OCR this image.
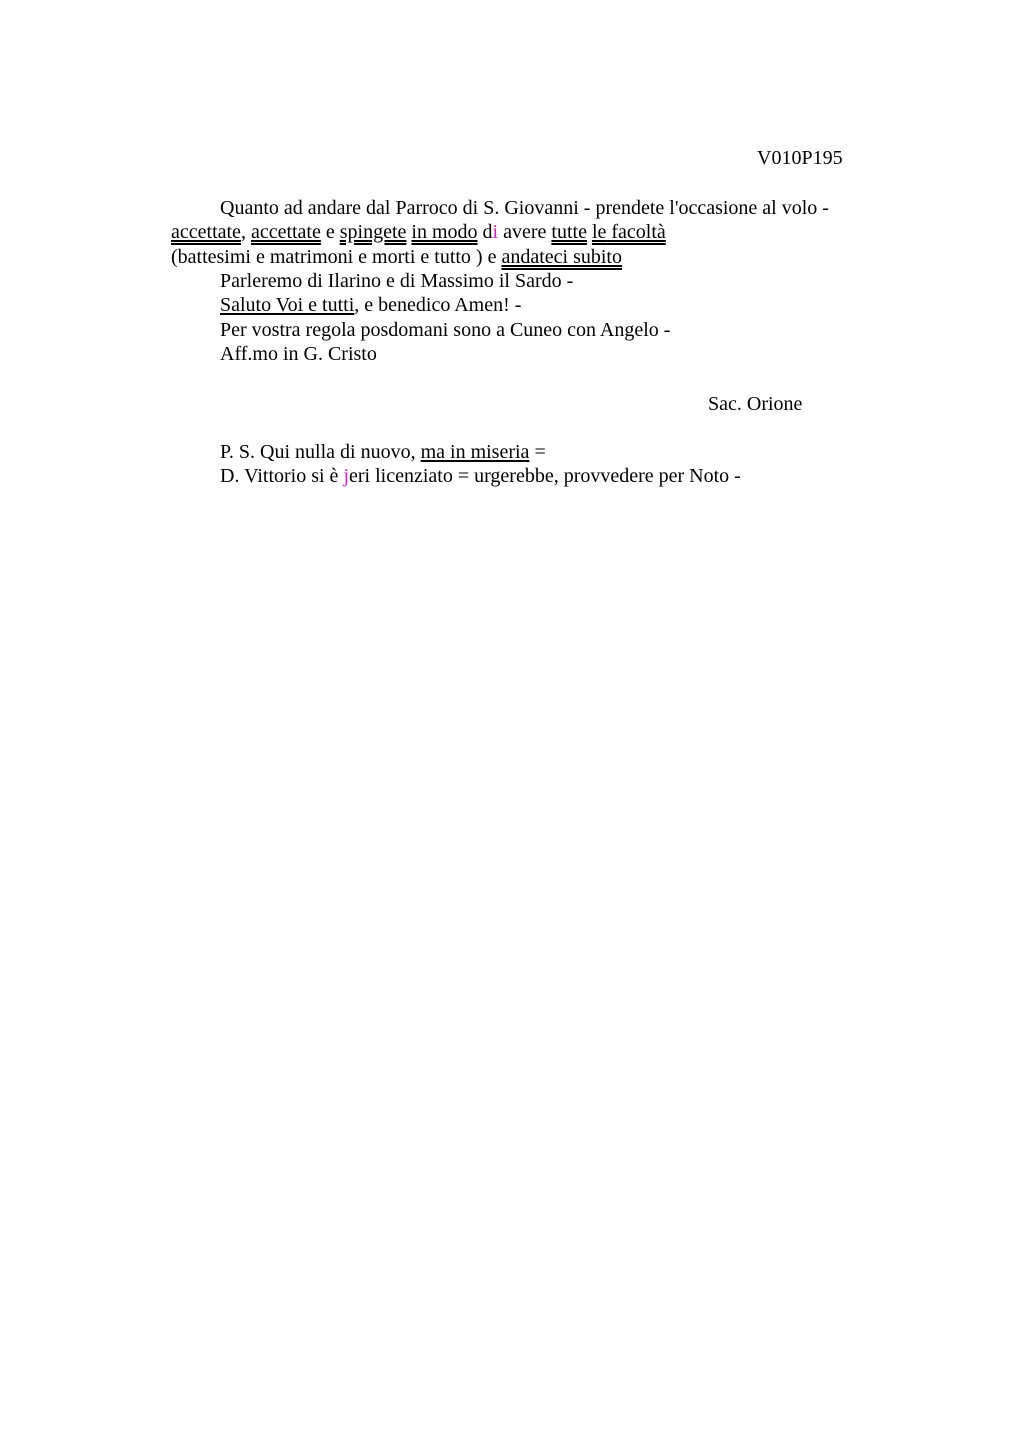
V010P195
Quanto ad andare dal Parroco di S. Giovanni - prendete l'occasione al volo -
accettate, accettate e spingete in modo di avere tutte le facoltà
(battesimi e matrimoni e morti e tutto ) e andateci subito
Parleremo di Ilarino e di Massimo il Sardo -
Saluto Voi e tutti, e benedico Amen! -
Per vostra regola posdomani sono a Cuneo con Angelo -
Aff.mo in G. Cristo
Sac. Orione
P. S. Qui nulla di nuovo, ma in miseria =
D. Vittorio si è jeri licenziato = urgerebbe, provvedere per Noto -
